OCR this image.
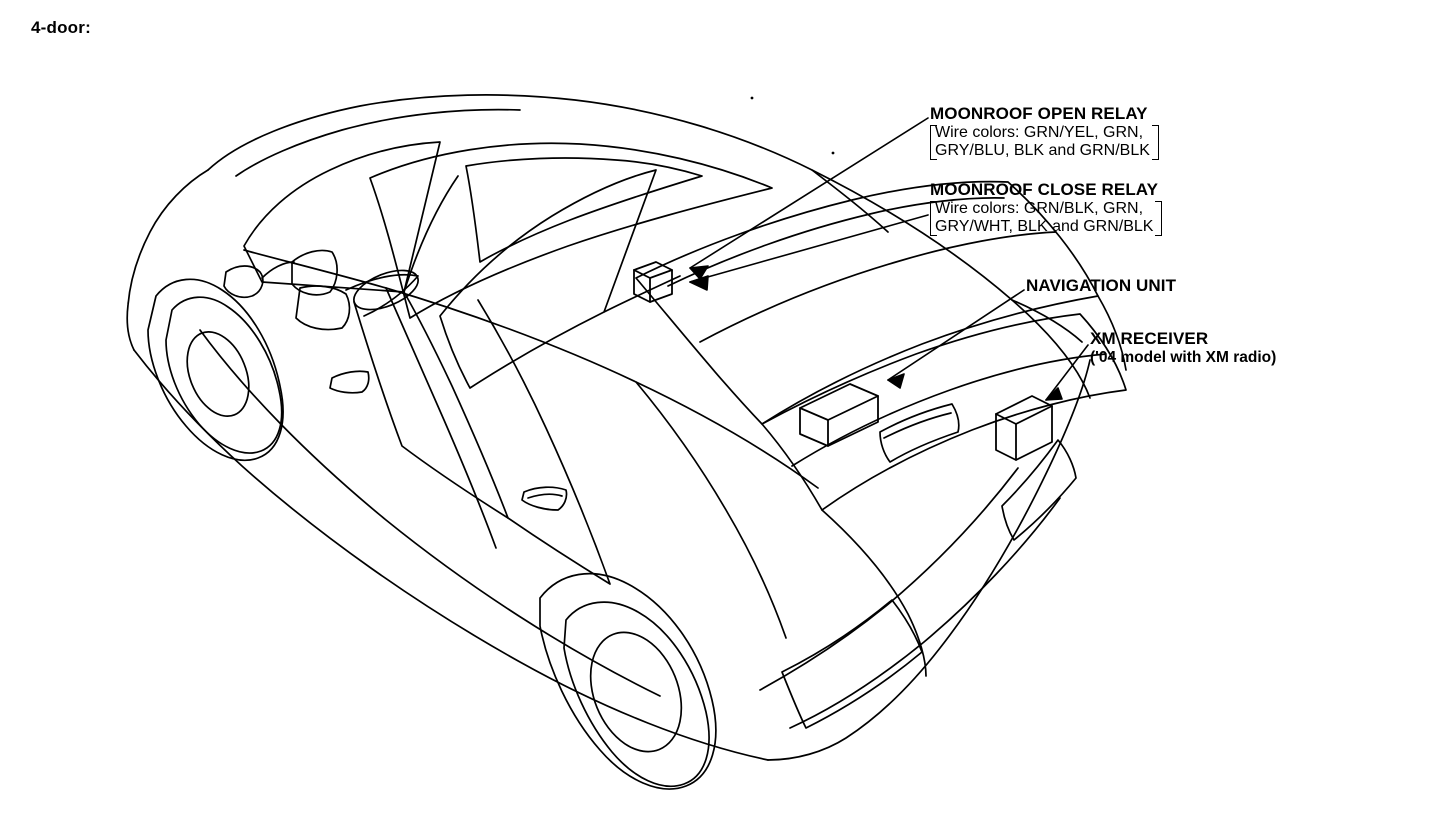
4-door:
MOONROOF OPEN RELAY
Wire colors: GRN/YEL, GRN,
GRY/BLU, BLK and GRN/BLK
MOONROOF CLOSE RELAY
Wire colors: GRN/BLK, GRN,
GRY/WHT, BLK and GRN/BLK
NAVIGATION UNIT
XM RECEIVER
('04 model with XM radio)
